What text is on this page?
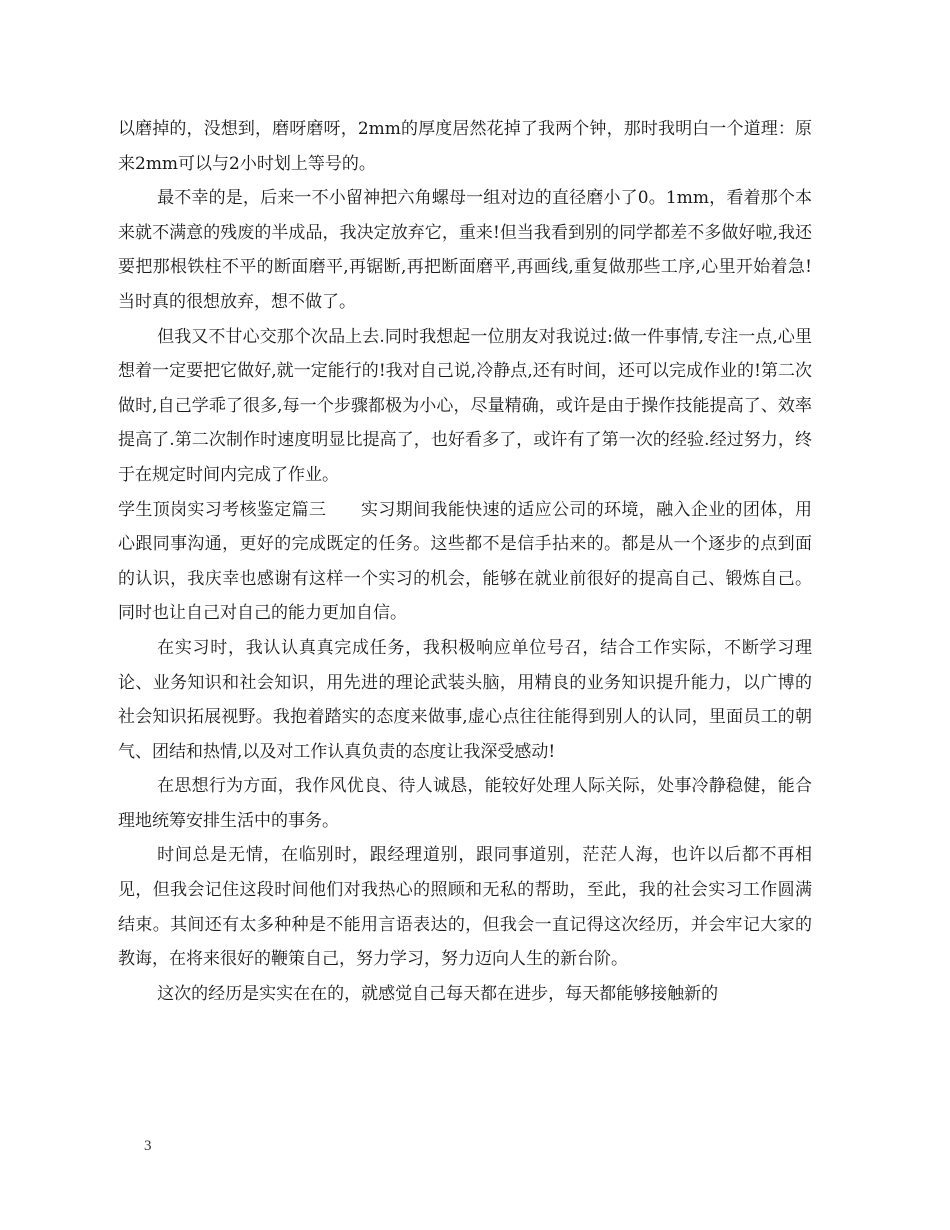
以磨掉的，没想到，磨呀磨呀，2mm的厚度居然花掉了我两个钟，那时我明白一个道理：原来2mm可以与2小时划上等号的。

最不幸的是，后来一不小留神把六角螺母一组对边的直径磨小了0。1mm，看着那个本来就不满意的残废的半成品，我决定放弃它，重来!但当我看到别的同学都差不多做好啦,我还要把那根铁柱不平的断面磨平,再锯断,再把断面磨平,再画线,重复做那些工序,心里开始着急!当时真的很想放弃，想不做了。

但我又不甘心交那个次品上去.同时我想起一位朋友对我说过:做一件事情,专注一点,心里想着一定要把它做好,就一定能行的!我对自己说,冷静点,还有时间，还可以完成作业的!第二次做时,自己学乖了很多,每一个步骤都极为小心，尽量精确，或许是由于操作技能提高了、效率提高了.第二次制作时速度明显比提高了，也好看多了，或许有了第一次的经验.经过努力，终于在规定时间内完成了作业。

学生顶岗实习考核鉴定篇三　　实习期间我能快速的适应公司的环境，融入企业的团体，用心跟同事沟通，更好的完成既定的任务。这些都不是信手拈来的。都是从一个逐步的点到面的认识，我庆幸也感谢有这样一个实习的机会，能够在就业前很好的提高自己、锻炼自己。同时也让自己对自己的能力更加自信。

在实习时，我认认真真完成任务，我积极响应单位号召，结合工作实际，不断学习理论、业务知识和社会知识，用先进的理论武装头脑，用精良的业务知识提升能力，以广博的社会知识拓展视野。我抱着踏实的态度来做事,虚心点往往能得到别人的认同，里面员工的朝气、团结和热情,以及对工作认真负责的态度让我深受感动!

在思想行为方面，我作风优良、待人诚恳，能较好处理人际关际，处事冷静稳健，能合理地统筹安排生活中的事务。

时间总是无情，在临别时，跟经理道别，跟同事道别，茫茫人海，也许以后都不再相见，但我会记住这段时间他们对我热心的照顾和无私的帮助，至此，我的社会实习工作圆满结束。其间还有太多种种是不能用言语表达的，但我会一直记得这次经历，并会牢记大家的教诲，在将来很好的鞭策自己，努力学习，努力迈向人生的新台阶。

这次的经历是实实在在的，就感觉自己每天都在进步，每天都能够接触新的

3
